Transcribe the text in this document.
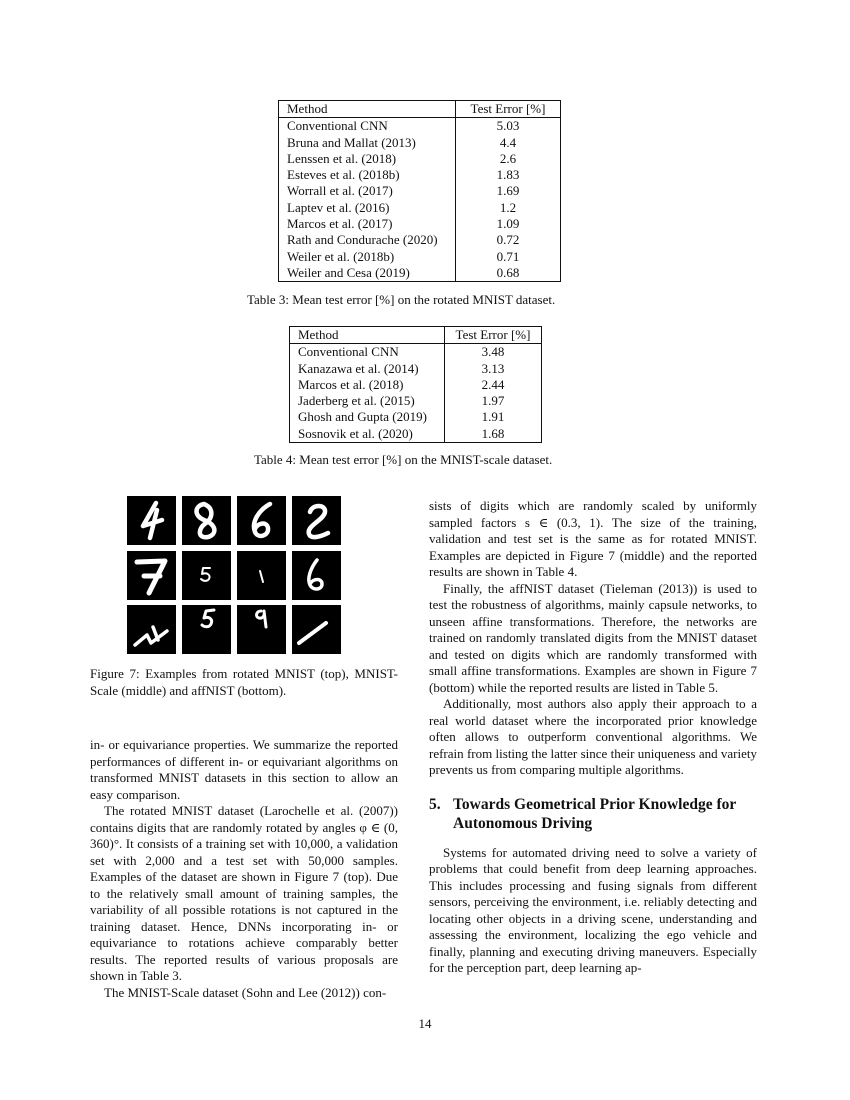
Method	Test Error [%]
Conventional CNN	5.03
Bruna and Mallat (2013)	4.4
Lenssen et al. (2018)	2.6
Esteves et al. (2018b)	1.83
Worrall et al. (2017)	1.69
Laptev et al. (2016)	1.2
Marcos et al. (2017)	1.09
Rath and Condurache (2020)	0.72
Weiler et al. (2018b)	0.71
Weiler and Cesa (2019)	0.68
Table 3: Mean test error [%] on the rotated MNIST dataset.
Method	Test Error [%]
Conventional CNN	3.48
Kanazawa et al. (2014)	3.13
Marcos et al. (2018)	2.44
Jaderberg et al. (2015)	1.97
Ghosh and Gupta (2019)	1.91
Sosnovik et al. (2020)	1.68
Table 4: Mean test error [%] on the MNIST-scale dataset.

Figure 7: Examples from rotated MNIST (top), MNIST-Scale (middle) and affNIST (bottom).

in- or equivariance properties. We summarize the reported performances of different in- or equivariant algorithms on transformed MNIST datasets in this section to allow an easy comparison.

The rotated MNIST dataset (Larochelle et al. (2007)) contains digits that are randomly rotated by angles φ ∈ (0, 360)°. It consists of a training set with 10,000, a validation set with 2,000 and a test set with 50,000 samples. Examples of the dataset are shown in Figure 7 (top). Due to the relatively small amount of training samples, the variability of all possible rotations is not captured in the training dataset. Hence, DNNs incorporating in- or equivariance to rotations achieve comparably better results. The reported results of various proposals are shown in Table 3.

The MNIST-Scale dataset (Sohn and Lee (2012)) con-

sists of digits which are randomly scaled by uniformly sampled factors s ∈ (0.3, 1). The size of the training, validation and test set is the same as for rotated MNIST. Examples are depicted in Figure 7 (middle) and the reported results are shown in Table 4.

Finally, the affNIST dataset (Tieleman (2013)) is used to test the robustness of algorithms, mainly capsule networks, to unseen affine transformations. Therefore, the networks are trained on randomly translated digits from the MNIST dataset and tested on digits which are randomly transformed with small affine transformations. Examples are shown in Figure 7 (bottom) while the reported results are listed in Table 5.

Additionally, most authors also apply their approach to a real world dataset where the incorporated prior knowledge often allows to outperform conventional algorithms. We refrain from listing the latter since their uniqueness and variety prevents us from comparing multiple algorithms.

5. Towards Geometrical Prior Knowledge for
Autonomous Driving

Systems for automated driving need to solve a variety of problems that could benefit from deep learning approaches. This includes processing and fusing signals from different sensors, perceiving the environment, i.e. reliably detecting and locating other objects in a driving scene, understanding and assessing the environment, localizing the ego vehicle and finally, planning and executing driving maneuvers. Especially for the perception part, deep learning ap-

14
